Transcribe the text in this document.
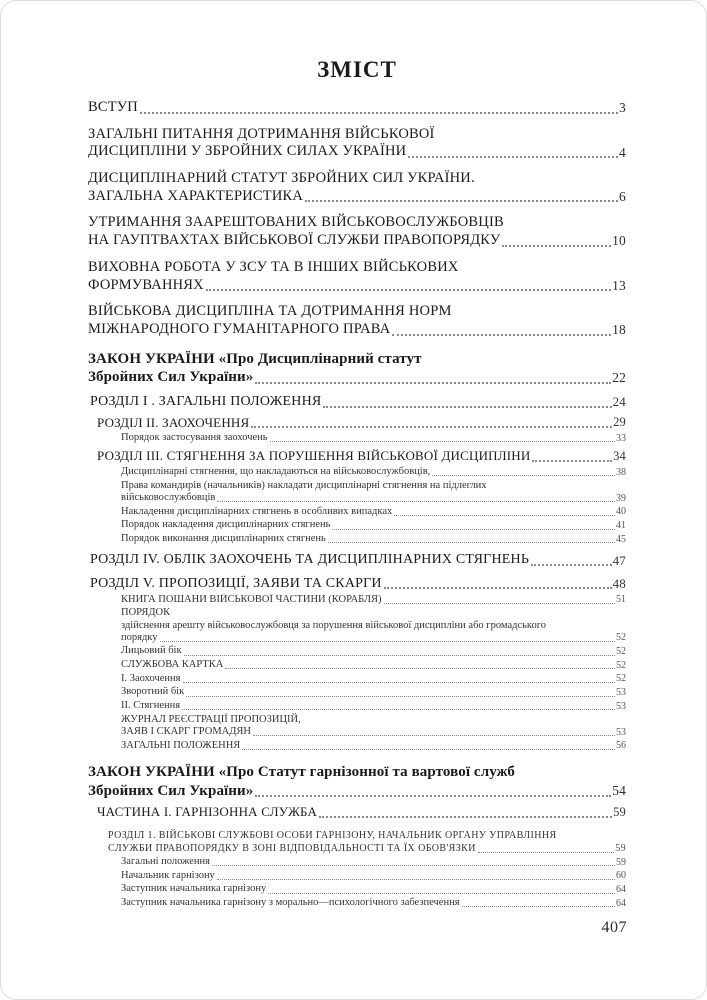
ЗМІСТ
ВСТУП	3
ЗАГАЛЬНІ ПИТАННЯ ДОТРИМАННЯ ВІЙСЬКОВОЇ
ДИСЦИПЛІНИ У ЗБРОЙНИХ СИЛАХ УКРАЇНИ	4
ДИСЦИПЛІНАРНИЙ СТАТУТ ЗБРОЙНИХ СИЛ УКРАЇНИ.
ЗАГАЛЬНА ХАРАКТЕРИСТИКА	6
УТРИМАННЯ ЗААРЕШТОВАНИХ ВІЙСЬКОВОСЛУЖБОВЦІВ
НА ГАУПТВАХТАХ ВІЙСЬКОВОЇ СЛУЖБИ ПРАВОПОРЯДКУ	10
ВИХОВНА РОБОТА У ЗСУ ТА В ІНШИХ ВІЙСЬКОВИХ
ФОРМУВАННЯХ	13
ВІЙСЬКОВА ДИСЦИПЛІНА ТА ДОТРИМАННЯ НОРМ
МІЖНАРОДНОГО ГУМАНІТАРНОГО ПРАВА	18
ЗАКОН УКРАЇНИ «Про Дисциплінарний статут
Збройних Сил України»	22
РОЗДІЛ I . ЗАГАЛЬНІ ПОЛОЖЕННЯ	24
РОЗДІЛ II. ЗАОХОЧЕННЯ	29
Порядок застосування заохочень	33
РОЗДІЛ III. СТЯГНЕННЯ ЗА ПОРУШЕННЯ ВІЙСЬКОВОЇ ДИСЦИПЛІНИ	34
Дисциплінарні стягнення, що накладаються на військовослужбовців,	38
Права командирів (начальників) накладати дисциплінарні стягнення на підлеглих
військовослужбовців	39
Накладення дисциплінарних стягнень в особливих випадках	40
Порядок накладення дисциплінарних стягнень	41
Порядок виконання дисциплінарних стягнень	45
РОЗДІЛ IV. ОБЛІК ЗАОХОЧЕНЬ ТА ДИСЦИПЛІНАРНИХ СТЯГНЕНЬ	47
РОЗДІЛ V. ПРОПОЗИЦІЇ, ЗАЯВИ ТА СКАРГИ	48
КНИГА ПОШАНИ ВІЙСЬКОВОЇ ЧАСТИНИ (КОРАБЛЯ)	51
ПОРЯДОК
здійснення арешту військовослужбовця за порушення військової дисципліни або громадського
порядку	52
Лицьовий бік	52
СЛУЖБОВА КАРТКА	52
I. Заохочення	52
Зворотний бік	53
II. Стягнення	53
ЖУРНАЛ РЕЄСТРАЦІЇ ПРОПОЗИЦІЙ,
ЗАЯВ І СКАРГ ГРОМАДЯН	53
ЗАГАЛЬНІ ПОЛОЖЕННЯ	56
ЗАКОН УКРАЇНИ «Про Статут гарнізонної та вартової служб
Збройних Сил України»	54
ЧАСТИНА I. ГАРНІЗОННА СЛУЖБА	59
РОЗДІЛ 1. ВІЙСЬКОВІ СЛУЖБОВІ ОСОБИ ГАРНІЗОНУ, НАЧАЛЬНИК ОРГАНУ УПРАВЛІННЯ
СЛУЖБИ ПРАВОПОРЯДКУ В ЗОНІ ВІДПОВІДАЛЬНОСТІ ТА ЇХ ОБОВ'ЯЗКИ	59
Загальні положення	59
Начальник гарнізону	60
Заступник начальника гарнізону	64
Заступник начальника гарнізону з морально—психологічного забезпечення	64
407
